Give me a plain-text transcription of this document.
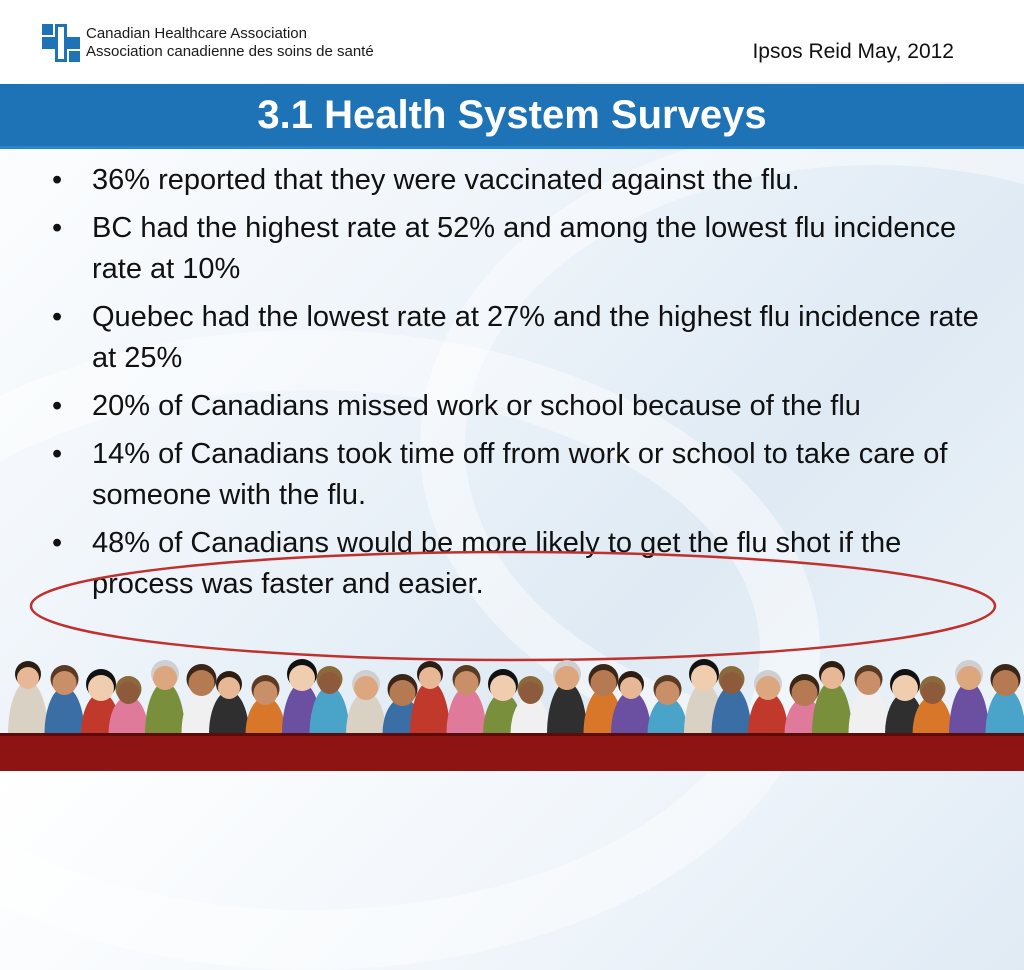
Canadian Healthcare Association
Association canadienne des soins de santé	Ipsos Reid May, 2012
3.1 Health System Surveys
• 36% reported that they were vaccinated against the flu.
• BC had the highest rate at 52% and among the lowest flu incidence rate at 10%
• Quebec had the lowest rate at 27% and the highest flu incidence rate at 25%
• 20% of Canadians missed work or school because of the flu
• 14% of Canadians took time off from work or school to take care of someone with the flu.
• 48% of Canadians would be more likely to get the flu shot if the process was faster and easier.
